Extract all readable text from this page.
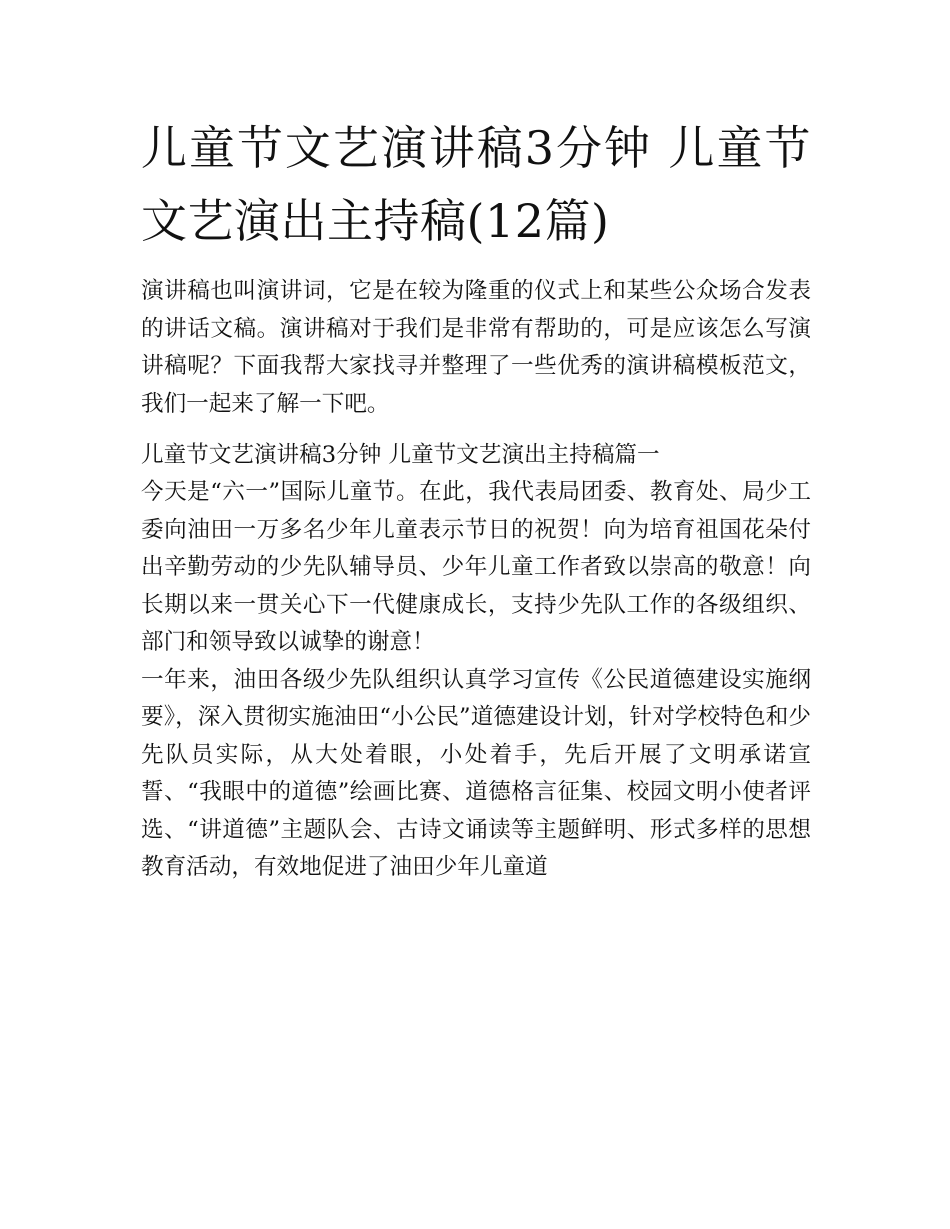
儿童节文艺演讲稿3分钟 儿童节文艺演出主持稿(12篇)

演讲稿也叫演讲词，它是在较为隆重的仪式上和某些公众场合发表的讲话文稿。演讲稿对于我们是非常有帮助的，可是应该怎么写演讲稿呢？下面我帮大家找寻并整理了一些优秀的演讲稿模板范文，我们一起来了解一下吧。

儿童节文艺演讲稿3分钟 儿童节文艺演出主持稿篇一

今天是“六一”国际儿童节。在此，我代表局团委、教育处、局少工委向油田一万多名少年儿童表示节日的祝贺！向为培育祖国花朵付出辛勤劳动的少先队辅导员、少年儿童工作者致以崇高的敬意！向长期以来一贯关心下一代健康成长，支持少先队工作的各级组织、部门和领导致以诚挚的谢意！

一年来，油田各级少先队组织认真学习宣传《公民道德建设实施纲要》，深入贯彻实施油田“小公民”道德建设计划，针对学校特色和少先队员实际，从大处着眼，小处着手，先后开展了文明承诺宣誓、“我眼中的道德”绘画比赛、道德格言征集、校园文明小使者评选、“讲道德”主题队会、古诗文诵读等主题鲜明、形式多样的思想教育活动，有效地促进了油田少年儿童道
